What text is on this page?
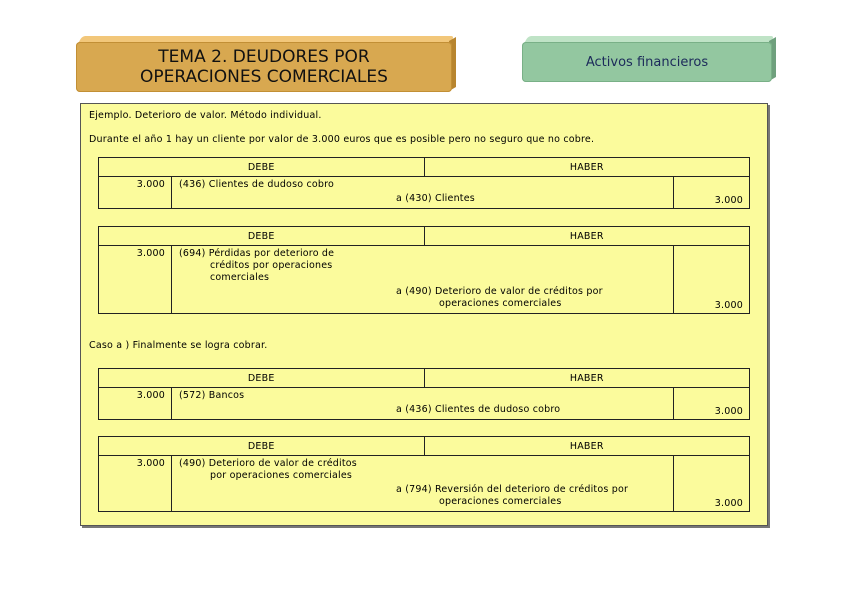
TEMA 2. DEUDORES POR
OPERACIONES COMERCIALES
Activos financieros
Ejemplo. Deterioro de valor. Método individual.
Durante el año 1 hay un cliente por valor de 3.000 euros que es posible pero no seguro que no cobre.
DEBE	HABER
3.000	(436) Clientes de dudoso cobro
a (430) Clientes	3.000
DEBE	HABER
3.000	(694) Pérdidas por deterioro de
créditos por operaciones
comerciales
a (490) Deterioro de valor de créditos por
operaciones comerciales	3.000
Caso a ) Finalmente se logra cobrar.
DEBE	HABER
3.000	(572) Bancos
a (436) Clientes de dudoso cobro	3.000
DEBE	HABER
3.000	(490) Deterioro de valor de créditos
por operaciones comerciales
a (794) Reversión del deterioro de créditos por
operaciones comerciales	3.000
